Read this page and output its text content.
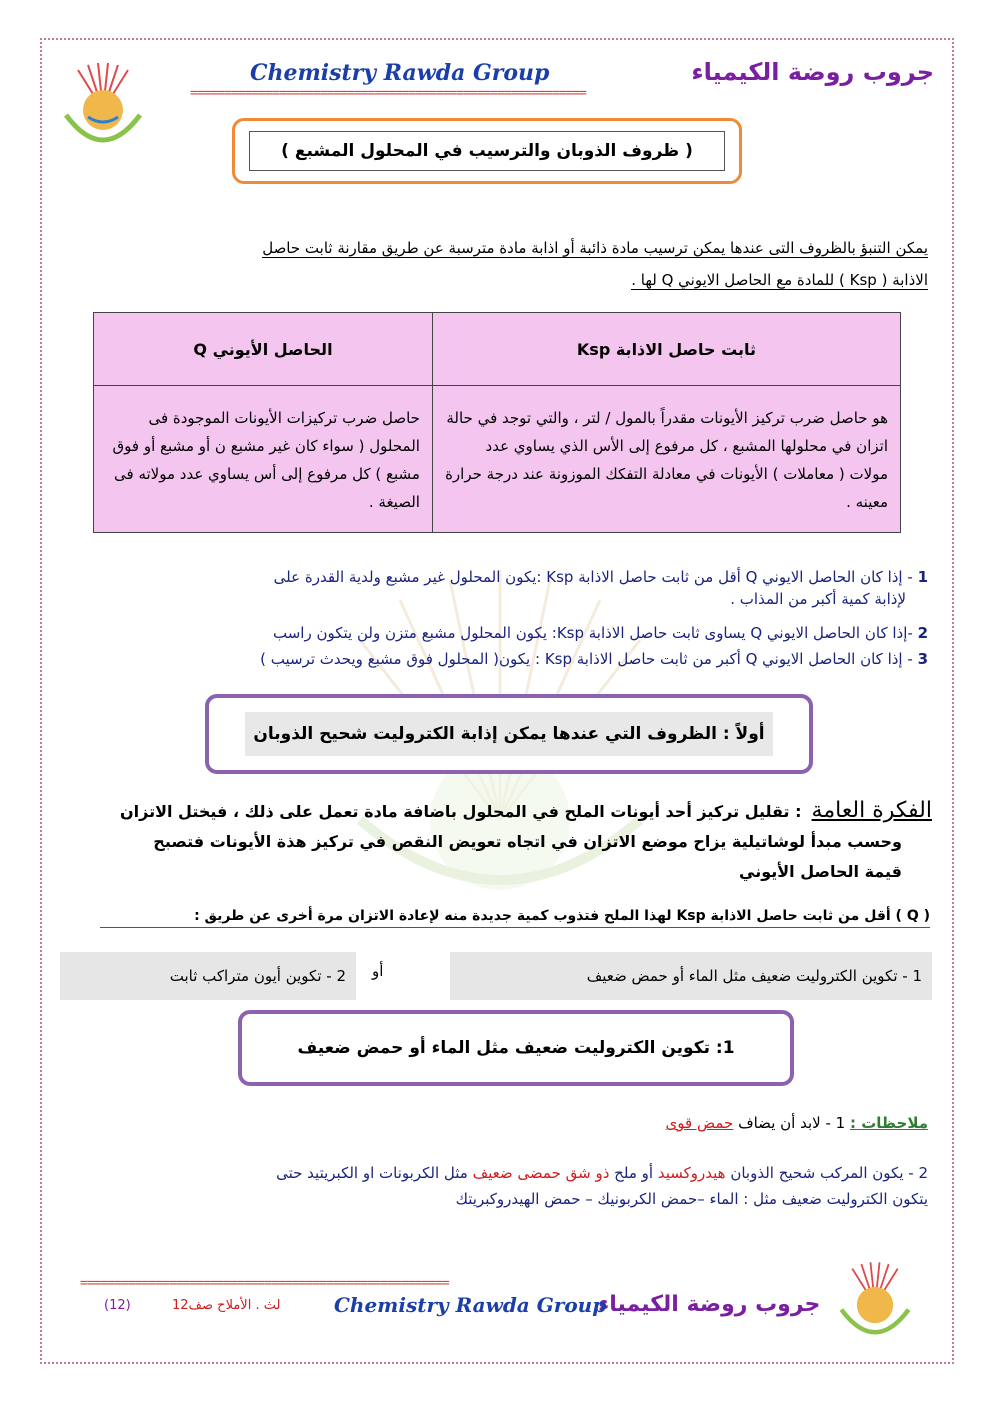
Chemistry Rawda Group	جروب روضة الكيمياء
==========================================================
( ظروف الذوبان والترسيب في المحلول المشبع )
يمكن التنبؤ بالظروف التى عندها يمكن ترسيب مادة ذائبة أو اذابة مادة مترسبة عن طريق مقارنة ثابت حاصل
الاذابة ( Ksp ) للمادة مع الحاصل الايوني Q لها .
ثابت حاصل الاذابة Ksp	الحاصل الأيوني Q
هو حاصل ضرب تركيز الأيونات مقدراً بالمول / لتر ، والتي توجد في حالة اتزان في محلولها المشبع ، كل مرفوع إلى الأس الذي يساوي عدد مولات ( معاملات ) الأيونات في معادلة التفكك الموزونة عند درجة حرارة معينه .	حاصل ضرب تركيزات الأيونات الموجودة فى المحلول ( سواء كان غير مشبع ن أو مشبع أو فوق مشبع ) كل مرفوع إلى أس يساوي عدد مولاته فى الصيغة .
1 - إذا كان الحاصل الايوني Q أقل من ثابت حاصل الاذابة Ksp :يكون المحلول غير مشبع ولدية القدرة على
لإذابة كمية أكبر من المذاب .
2 -إذا كان الحاصل الايوني Q يساوى ثابت حاصل الاذابة Ksp: يكون المحلول مشبع متزن ولن يتكون راسب
3 - إذا كان الحاصل الايوني Q أكبر من ثابت حاصل الاذابة Ksp : يكون( المحلول فوق مشبع ويحدث ترسيب )
أولاً : الظروف التي عندها يمكن إذابة الكتروليت شحيح الذوبان
الفكرة العامة: تقليل تركيز أحد أيونات الملح في المحلول باضافة مادة تعمل على ذلك ، فيختل الاتزان
وحسب مبدأ لوشاتيلية يزاح موضع الاتزان في اتجاه تعويض النقص في تركيز هذة الأيونات فتصبح
قيمة الحاصل الأيوني
( Q ) أقل من ثابت حاصل الاذابة Ksp لهذا الملح فتذوب كمية جديدة منه لإعادة الاتزان مرة أخرى عن طريق :
1 - تكوين الكتروليت ضعيف مثل الماء أو حمض ضعيف
أو
2 - تكوين أيون متراكب ثابت
1: تكوين الكتروليت ضعيف مثل الماء أو حمض ضعيف
ملاحظات : 1 - لابد أن يضاف حمض قوى
2 - يكون المركب شحيح الذوبان هيدروكسيد أو ملح ذو شق حمضى ضعيف مثل الكربونات او الكبريتيد حتى
يتكون الكتروليت ضعيف مثل : الماء –حمض الكربونيك – حمض الهيدروكبريتك
======================================================
جروب روضة الكيمياء
Chemistry Rawda Group
لث . الأملاح صف12
(12)
